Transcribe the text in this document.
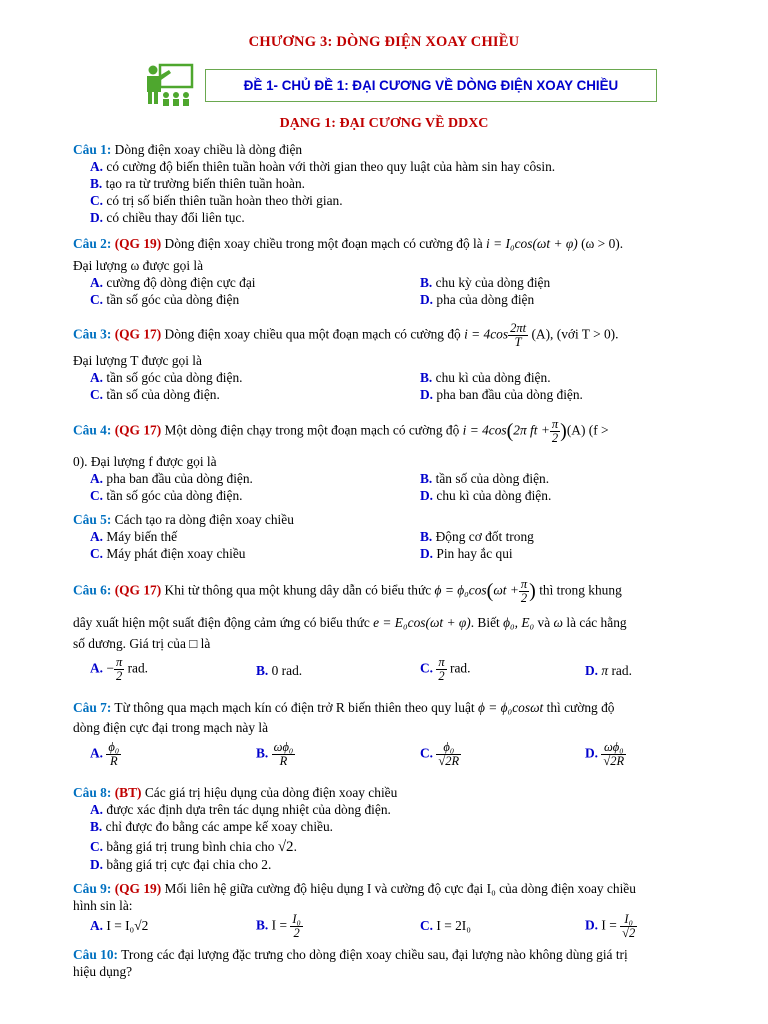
CHƯƠNG 3: DÒNG ĐIỆN XOAY CHIỀU
ĐỀ 1- CHỦ ĐỀ 1: ĐẠI CƯƠNG VỀ DÒNG ĐIỆN XOAY CHIỀU
DẠNG 1: ĐẠI CƯƠNG VỀ DDXC
Câu 1: Dòng điện xoay chiều là dòng điện
A. có cường độ biến thiên tuần hoàn với thời gian theo quy luật của hàm sin hay côsin.
B. tạo ra từ trường biến thiên tuần hoàn.
C. có trị số biến thiên tuần hoàn theo thời gian.
D. có chiều thay đổi liên tục.
Câu 2: (QG 19) Dòng điện xoay chiều trong một đoạn mạch có cường độ là i = I₀cos(ωt + φ) (ω > 0).
Đại lượng ω được gọi là
A. cường độ dòng điện cực đại	B. chu kỳ của dòng điện
C. tần số góc của dòng điện	D. pha của dòng điện
Câu 3: (QG 17) Dòng điện xoay chiều qua một đoạn mạch có cường độ $i = 4\cos \frac{2\pi t}{T} (A)$, (với T > 0).
Đại lượng T được gọi là
A. tần số góc của dòng điện.	B. chu kì của dòng điện.
C. tần số của dòng điện.	D. pha ban đầu của dòng điện.
Câu 4: (QG 17) Một dòng điện chạy trong một đoạn mạch có cường độ i = 4cos(2π ft + $\frac{\pi}{2} )(A)$ (f >
0). Đại lượng f được gọi là
A. pha ban đầu của dòng điện.	B. tần số của dòng điện.
C. tần số góc của dòng điện.	D. chu kì của dòng điện.
Câu 5: Cách tạo ra dòng điện xoay chiều
A. Máy biến thế	B. Động cơ đốt trong
C. Máy phát điện xoay chiều	D. Pin hay ắc qui
Câu 6: (QG 17) Khi từ thông qua một khung dây dẫn có biểu thức $\phi = \phi_0\cos(\omega t + \frac{\pi}{2}$ ) thì trong khung
dây xuất hiện một suất điện động cảm ứng có biểu thức e = E₀cos(ωt + φ). Biết ϕ₀, E₀ và ω là các hằng
số dương. Giá trị của □ là
A. − $\frac{\pi}{2}$ rad.	B. 0 rad.	C. $\frac{\pi}{2}$ rad.	D. π rad.
Câu 7: Từ thông qua mạch mạch kín có điện trở R biến thiên theo quy luật ϕ = ϕ₀cosωt thì cường độ
dòng điện cực đại trong mạch này là
A. $\frac{\text{ϕ₀}}{R}$	B. $\frac{\text{ωϕ₀}}{R}$	C. $\frac{\text{ϕ₀}}{√2R}$	D. $\frac{\text{ωϕ₀}}{√2R}$
Câu 8: (BT) Các giá trị hiệu dụng của dòng điện xoay chiều
A. được xác định dựa trên tác dụng nhiệt của dòng điện.
B. chỉ được đo bằng các ampe kế xoay chiều.
C. bằng giá trị trung bình chia cho √2.
D. bằng giá trị cực đại chia cho 2.
Câu 9: (QG 19) Mối liên hệ giữa cường độ hiệu dụng I và cường độ cực đại I₀ của dòng điện xoay chiều
hình sin là:
A. I = I₀√2	B. $I = \frac{\text{I₀}}{2}$	C. I = 2I₀	D. $I = \frac{\text{I₀}}{√2}$
Câu 10: Trong các đại lượng đặc trưng cho dòng điện xoay chiều sau, đại lượng nào không dùng giá trị
hiệu dụng?
